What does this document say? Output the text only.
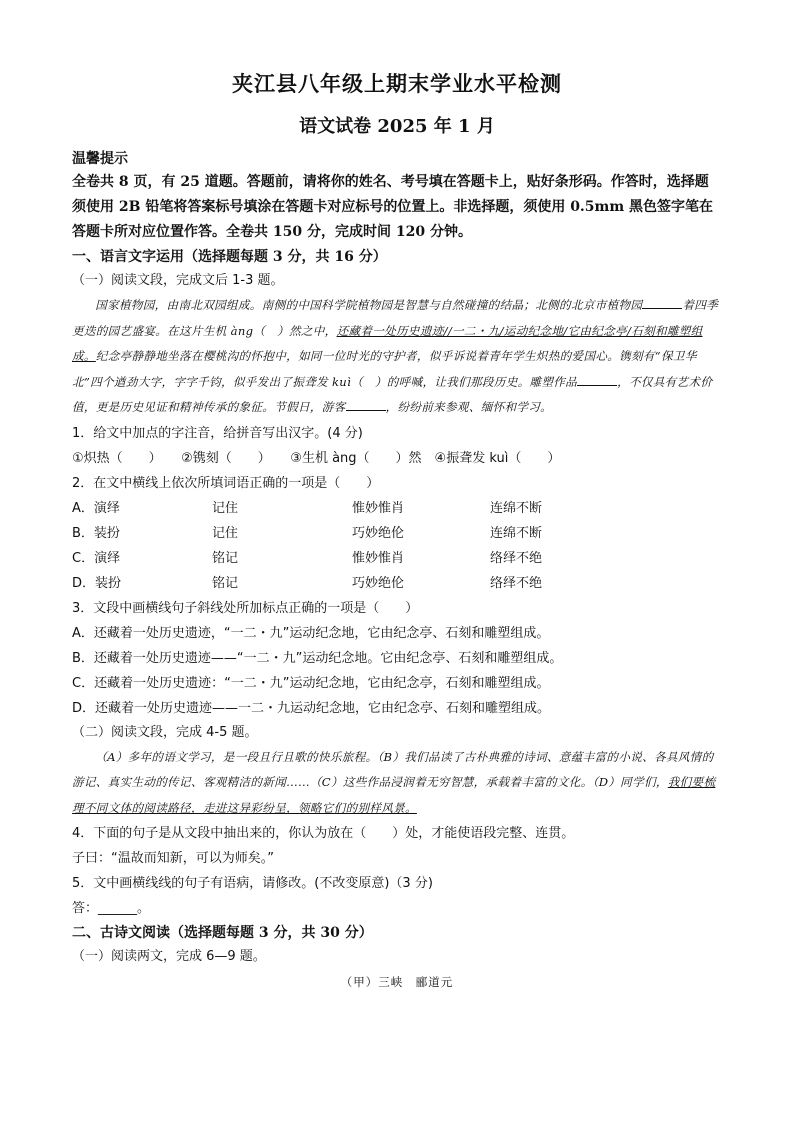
夹江县八年级上期末学业水平检测
语文试卷 2025 年 1 月

温馨提示

全卷共 8 页，有 25 道题。答题前，请将你的姓名、考号填在答题卡上，贴好条形码。作答时，选择题须使用 2B 铅笔将答案标号填涂在答题卡对应标号的位置上。非选择题，须使用 0.5mm 黑色签字笔在答题卡所对应位置作答。全卷共 150 分，完成时间 120 分钟。

一、语言文字运用（选择题每题 3 分，共 16 分）

（一）阅读文段，完成文后 1-3 题。

国家植物园，由南北双园组成。南侧的中国科学院植物园是智慧与自然碰撞的结晶；北侧的北京市植物园	着四季更迭的园艺盛宴。在这片生机 àng（　）然之中，还藏着一处历史遗迹//一二・九/运动纪念地/它由纪念亭/石刻和雕塑组成。纪念亭静静地坐落在樱桃沟的怀抱中，如同一位时光的守护者，似乎诉说着青年学生炽热的爱国心。镌刻有“保卫华北”四个遒劲大字，字字千钧，似乎发出了振聋发 kuì（　）的呼喊，让我们那段历史。雕塑作品	，不仅具有艺术价值，更是历史见证和精神传承的象征。节假日，游客	，纷纷前来参观、缅怀和学习。

1．给文中加点的字注音，给拼音写出汉字。(4 分)

①炽热（　　）　　②镌刻（　　）　　③生机 àng（　　）然　④振聋发 kuì（　　）

2．在文中横线上依次所填词语正确的一项是（　　）

A．演绎	记住	惟妙惟肖	连绵不断
B．装扮	记住	巧妙绝伦	连绵不断
C．演绎	铭记	惟妙惟肖	络绎不绝
D．装扮	铭记	巧妙绝伦	络绎不绝

3．文段中画横线句子斜线处所加标点正确的一项是（　　）

A．还藏着一处历史遗迹，“一二・九”运动纪念地，它由纪念亭、石刻和雕塑组成。

B．还藏着一处历史遗迹——“一二・九”运动纪念地。它由纪念亭、石刻和雕塑组成。

C．还藏着一处历史遗迹：“一二・九”运动纪念地，它由纪念亭，石刻和雕塑组成。

D．还藏着一处历史遗迹——一二・九运动纪念地，它由纪念亭、石刻和雕塑组成。

（二）阅读文段，完成 4-5 题。

（A）多年的语文学习，是一段且行且歌的快乐旅程。（B）我们品读了古朴典雅的诗词、意蕴丰富的小说、各具风情的游记、真实生动的传记、客观精洁的新闻……（C）这些作品浸润着无穷智慧，承载着丰富的文化。（D）同学们，我们要梳理不同文体的阅读路径，走进这异彩纷呈，领略它们的别样风景。

4．下面的句子是从文段中抽出来的，你认为放在（　　）处，才能使语段完整、连贯。

子曰：“温故而知新，可以为师矣。”

5．文中画横线线的句子有语病，请修改。(不改变原意)（3 分)

答：______。

二、古诗文阅读（选择题每题 3 分，共 30 分）

（一）阅读两文，完成 6—9 题。

（甲）三峡　郦道元
